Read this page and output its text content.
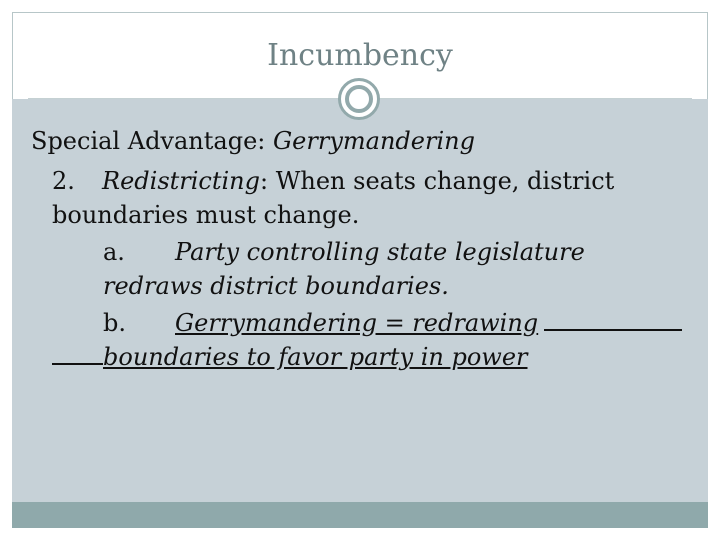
Incumbency

Special Advantage: Gerrymandering

2. Redistricting: When seats change, district

boundaries must change.

a. Party controlling state legislature

redraws district boundaries.

b. Gerrymandering = redrawing

boundaries to favor party in power
